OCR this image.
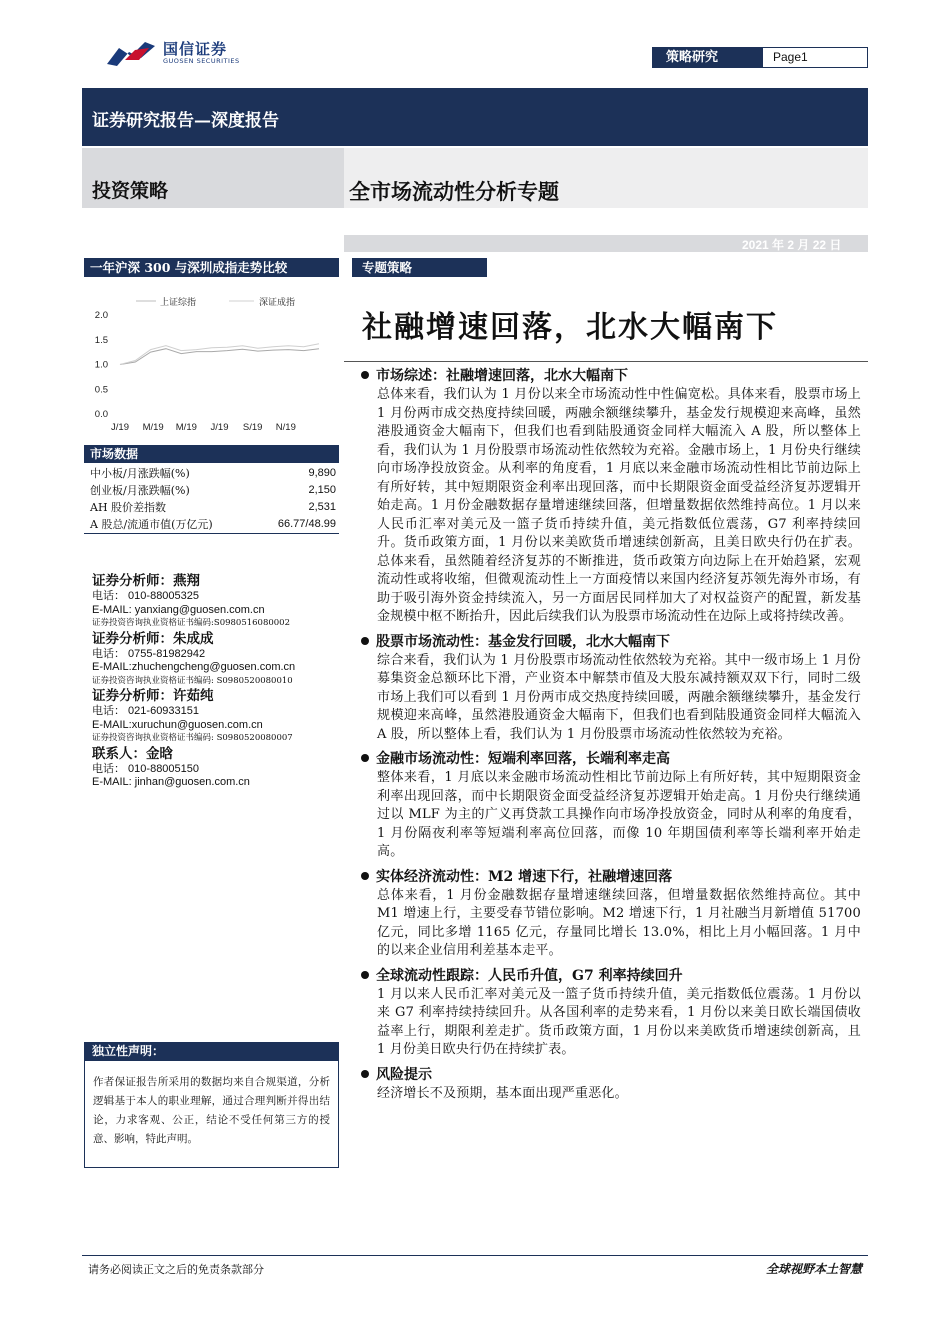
国信证券
GUOSEN SECURITIES	策略研究	Page1
证券研究报告—深度报告
投资策略	全市场流动性分析专题
2021 年 2 月 22 日
一年沪深 300 与深圳成指走势比较
上证综指	深证成指
0.0
0.5
1.0
1.5
2.0
J/19 M/19 M/19 J/19 S/19 N/19
市场数据
中小板/月涨跌幅(%)	9,890
创业板/月涨跌幅(%)	2,150
AH 股价差指数	2,531
A 股总/流通市值(万亿元)	66.77/48.99
证券分析师：燕翔
电话： 010-88005325
E-MAIL: yanxiang@guosen.com.cn
证券投资咨询执业资格证书编码:S0980516080002
证券分析师：朱成成
电话： 0755-81982942
E-MAIL:zhuchengcheng@guosen.com.cn
证券投资咨询执业资格证书编码: S0980520080010
证券分析师：许茹纯
电话： 021-60933151
E-MAIL:xuruchun@guosen.com.cn
证券投资咨询执业资格证书编码: S0980520080007
联系人：金晗
电话： 010-88005150
E-MAIL: jinhan@guosen.com.cn
独立性声明：
作者保证报告所采用的数据均来自合规渠道，分析逻辑基于本人的职业理解，通过合理判断并得出结论，力求客观、公正，结论不受任何第三方的授意、影响，特此声明。
专题策略
社融增速回落，北水大幅南下
市场综述：社融增速回落，北水大幅南下
总体来看，我们认为 1 月份以来全市场流动性中性偏宽松。具体来看，股票市场上 1 月份两市成交热度持续回暖，两融余额继续攀升，基金发行规模迎来高峰，虽然港股通资金大幅南下，但我们也看到陆股通资金同样大幅流入 A 股，所以整体上看，我们认为 1 月份股票市场流动性依然较为充裕。金融市场上，1 月份央行继续向市场净投放资金。从利率的角度看，1 月底以来金融市场流动性相比节前边际上有所好转，其中短期限资金利率出现回落，而中长期限资金面受益经济复苏逻辑开始走高。1 月份金融数据存量增速继续回落，但增量数据依然维持高位。1 月以来人民币汇率对美元及一篮子货币持续升值，美元指数低位震荡，G7 利率持续回升。货币政策方面，1 月份以来美欧货币增速续创新高，且美日欧央行仍在扩表。总体来看，虽然随着经济复苏的不断推进，货币政策方向边际上在开始趋紧，宏观流动性或将收缩，但微观流动性上一方面疫情以来国内经济复苏领先海外市场，有助于吸引海外资金持续流入，另一方面居民同样加大了对权益资产的配置，新发基金规模中枢不断抬升，因此后续我们认为股票市场流动性在边际上或将持续改善。
股票市场流动性：基金发行回暖，北水大幅南下
综合来看，我们认为 1 月份股票市场流动性依然较为充裕。其中一级市场上 1 月份募集资金总额环比下滑，产业资本中解禁市值及大股东减持额双双下行，同时二级市场上我们可以看到 1 月份两市成交热度持续回暖，两融余额继续攀升，基金发行规模迎来高峰，虽然港股通资金大幅南下，但我们也看到陆股通资金同样大幅流入 A 股，所以整体上看，我们认为 1 月份股票市场流动性依然较为充裕。
金融市场流动性：短端利率回落，长端利率走高
整体来看，1 月底以来金融市场流动性相比节前边际上有所好转，其中短期限资金利率出现回落，而中长期限资金面受益经济复苏逻辑开始走高。1 月份央行继续通过以 MLF 为主的广义再贷款工具操作向市场净投放资金，同时从利率的角度看，1 月份隔夜利率等短端利率高位回落，而像 10 年期国债利率等长端利率开始走高。
实体经济流动性：M2 增速下行，社融增速回落
总体来看，1 月份金融数据存量增速继续回落，但增量数据依然维持高位。其中 M1 增速上行，主要受春节错位影响。M2 增速下行，1 月社融当月新增值 51700 亿元，同比多增 1165 亿元，存量同比增长 13.0%，相比上月小幅回落。1 月中的以来企业信用利差基本走平。
全球流动性跟踪：人民币升值，G7 利率持续回升
1 月以来人民币汇率对美元及一篮子货币持续升值，美元指数低位震荡。1 月份以来 G7 利率持续持续回升。从各国利率的走势来看，1 月份以来美日欧长端国债收益率上行，期限利差走扩。货币政策方面，1 月份以来美欧货币增速续创新高，且 1 月份美日欧央行仍在持续扩表。
风险提示
经济增长不及预期，基本面出现严重恶化。
请务必阅读正文之后的免责条款部分	全球视野本土智慧
